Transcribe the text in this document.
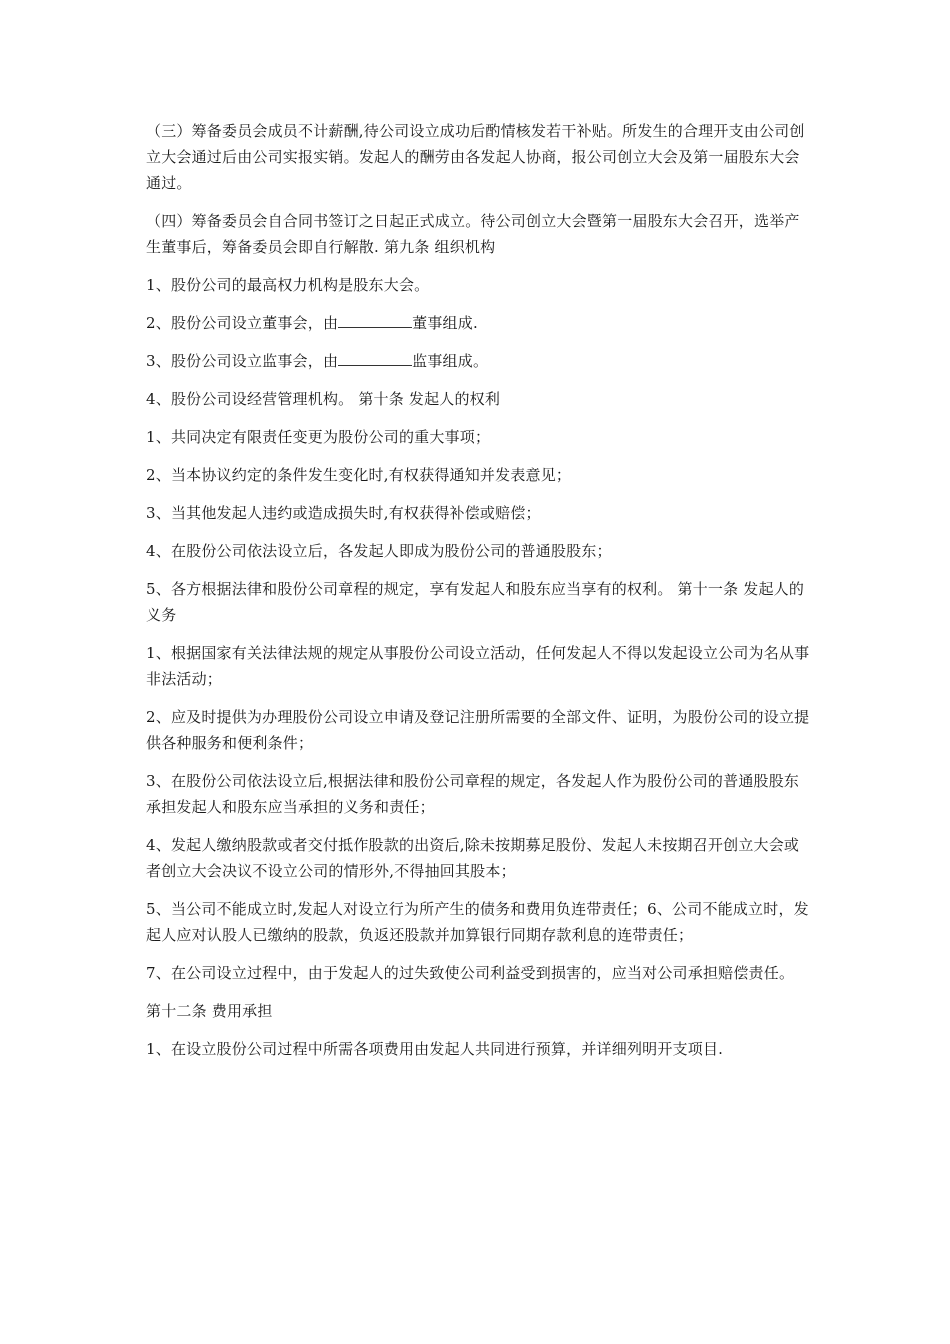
（三）筹备委员会成员不计薪酬,待公司设立成功后酌情核发若干补贴。所发生的合理开支由公司创立大会通过后由公司实报实销。发起人的酬劳由各发起人协商，报公司创立大会及第一届股东大会通过。

（四）筹备委员会自合同书签订之日起正式成立。待公司创立大会暨第一届股东大会召开，选举产生董事后，筹备委员会即自行解散. 第九条 组织机构

1、股份公司的最高权力机构是股东大会。

2、股份公司设立董事会，由	董事组成.

3、股份公司设立监事会，由	监事组成。

4、股份公司设经营管理机构。 第十条 发起人的权利

1、共同决定有限责任变更为股份公司的重大事项；

2、当本协议约定的条件发生变化时,有权获得通知并发表意见；

3、当其他发起人违约或造成损失时,有权获得补偿或赔偿；

4、在股份公司依法设立后，各发起人即成为股份公司的普通股股东；

5、各方根据法律和股份公司章程的规定，享有发起人和股东应当享有的权利。 第十一条 发起人的义务

1、根据国家有关法律法规的规定从事股份公司设立活动，任何发起人不得以发起设立公司为名从事非法活动；

2、应及时提供为办理股份公司设立申请及登记注册所需要的全部文件、证明，为股份公司的设立提供各种服务和便利条件；

3、在股份公司依法设立后,根据法律和股份公司章程的规定，各发起人作为股份公司的普通股股东承担发起人和股东应当承担的义务和责任；

4、发起人缴纳股款或者交付抵作股款的出资后,除未按期募足股份、发起人未按期召开创立大会或者创立大会决议不设立公司的情形外,不得抽回其股本；

5、当公司不能成立时,发起人对设立行为所产生的债务和费用负连带责任；6、公司不能成立时，发起人应对认股人已缴纳的股款，负返还股款并加算银行同期存款利息的连带责任；

7、在公司设立过程中，由于发起人的过失致使公司利益受到损害的，应当对公司承担赔偿责任。

第十二条 费用承担

1、在设立股份公司过程中所需各项费用由发起人共同进行预算，并详细列明开支项目.
